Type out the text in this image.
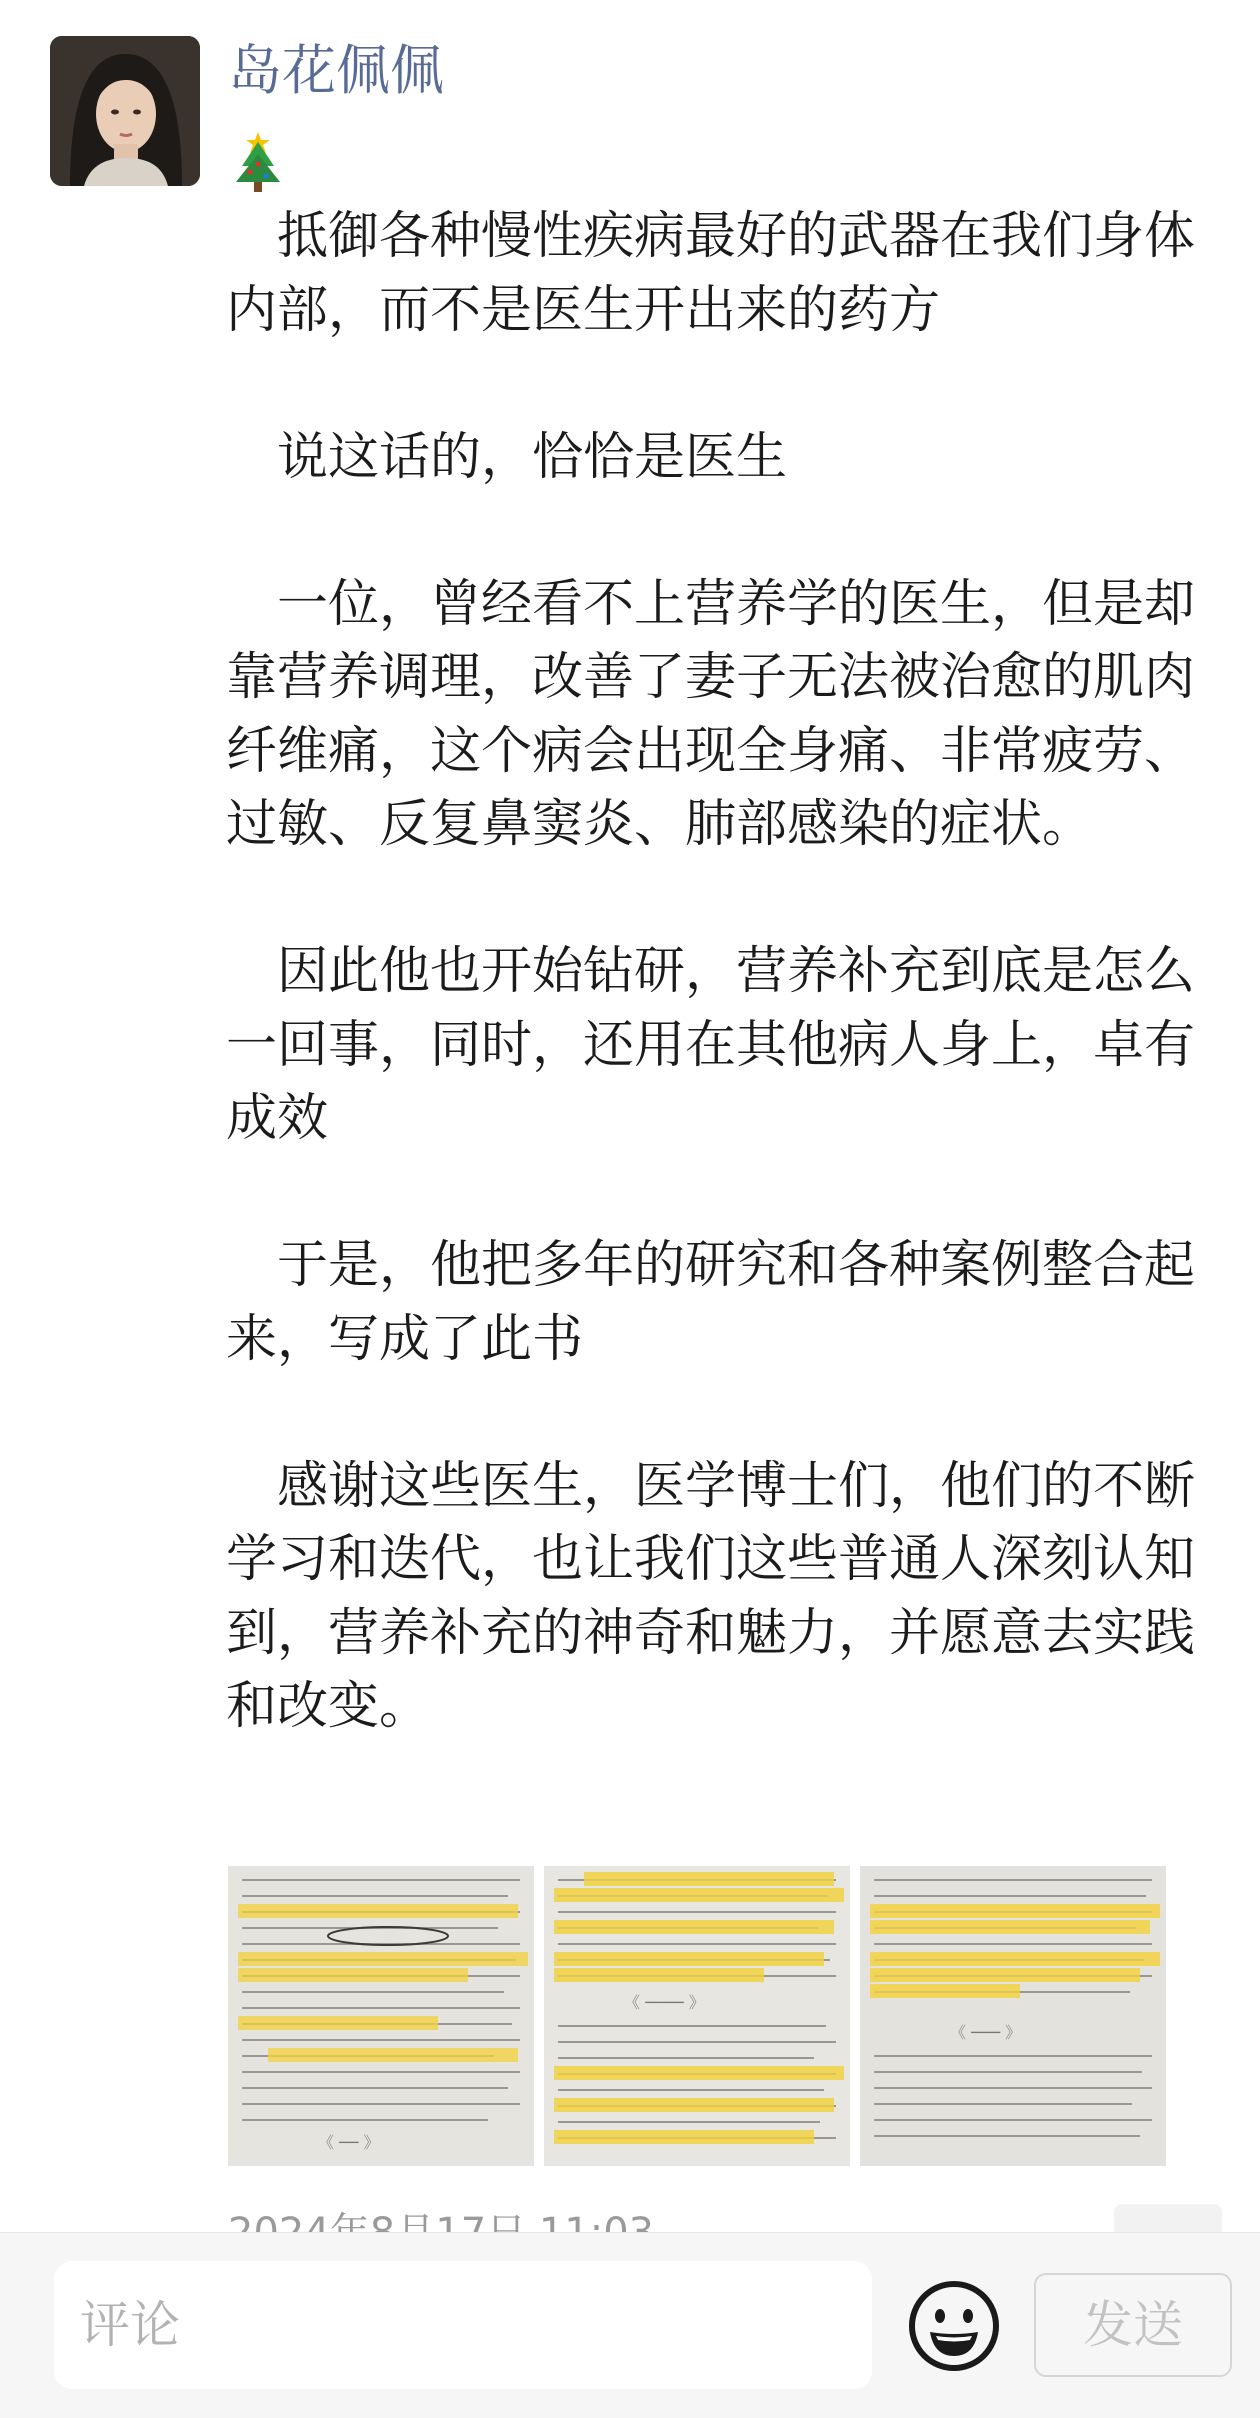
岛花佩佩

　抵御各种慢性疾病最好的武器在我们身体内部，而不是医生开出来的药方

　说这话的，恰恰是医生

　一位，曾经看不上营养学的医生，但是却靠营养调理，改善了妻子无法被治愈的肌肉纤维痛，这个病会出现全身痛、非常疲劳、过敏、反复鼻窦炎、肺部感染的症状。

　因此他也开始钻研，营养补充到底是怎么一回事，同时，还用在其他病人身上，卓有成效

　于是，他把多年的研究和各种案例整合起来，写成了此书

　感谢这些医生，医学博士们，他们的不断学习和迭代，也让我们这些普通人深刻认知到，营养补充的神奇和魅力，并愿意去实践和改变。

《 ── 》
《 ──── 》
《 ─── 》
评论	发送
